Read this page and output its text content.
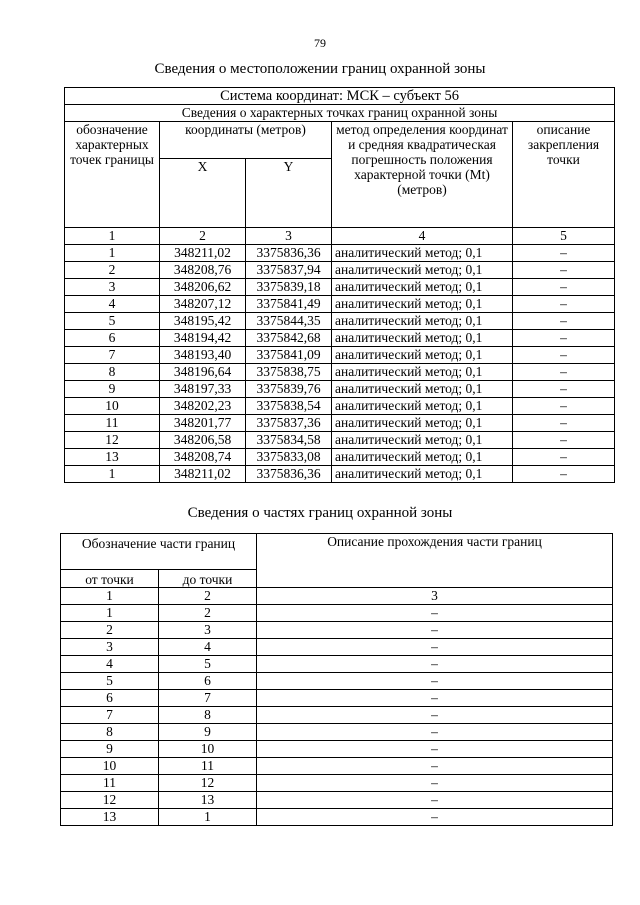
79
Сведения о местоположении границ охранной зоны
Система координат: МСК – субъект 56				
Сведения о характерных точках границ охранной зоны				
обозначение характерных точек границы	координаты (метров)		метод определения координат и средняя квадратическая погрешность положения характерной точки (Mt) (метров)	описание закрепления точки
	X	Y		
1	2	3	4	5
1	348211,02	3375836,36	аналитический метод; 0,1	–
2	348208,76	3375837,94	аналитический метод; 0,1	–
3	348206,62	3375839,18	аналитический метод; 0,1	–
4	348207,12	3375841,49	аналитический метод; 0,1	–
5	348195,42	3375844,35	аналитический метод; 0,1	–
6	348194,42	3375842,68	аналитический метод; 0,1	–
7	348193,40	3375841,09	аналитический метод; 0,1	–
8	348196,64	3375838,75	аналитический метод; 0,1	–
9	348197,33	3375839,76	аналитический метод; 0,1	–
10	348202,23	3375838,54	аналитический метод; 0,1	–
11	348201,77	3375837,36	аналитический метод; 0,1	–
12	348206,58	3375834,58	аналитический метод; 0,1	–
13	348208,74	3375833,08	аналитический метод; 0,1	–
1	348211,02	3375836,36	аналитический метод; 0,1	–
Сведения о частях границ охранной зоны
Обозначение части границ		Описание прохождения части границ
от точки	до точки	
1	2	3
1	2	–
2	3	–
3	4	–
4	5	–
5	6	–
6	7	–
7	8	–
8	9	–
9	10	–
10	11	–
11	12	–
12	13	–
13	1	–
